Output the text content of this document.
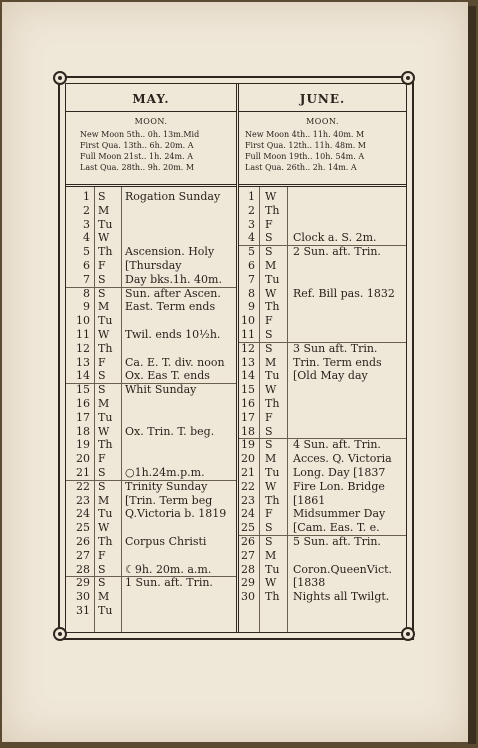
MAY.
MOON.
New Moon 5th.. 0h. 13m.Mid
First Qua. 13th.. 6h. 20m. A
Full Moon 21st.. 1h. 24m. A
Last Qua. 28th.. 9h. 20m. M
1 S	Rogation Sunday
2 M
3 Tu
4 W
5 Th	Ascension. Holy
6 F	[Thursday
7 S	Day bks.1h. 40m.
8 S	Sun. after Ascen.
9 M	East. Term ends
10 Tu
11 W	Twil. ends 10½h.
12 Th
13 F	Ca. E. T. div. noon
14 S	Ox. Eas T. ends
15 S	Whit Sunday
16 M
17 Tu
18 W	Ox. Trin. T. beg.
19 Th
20 F
21 S	○1h.24m.p.m.
22 S	Trinity Sunday
23 M	[Trin. Term beg
24 Tu	Q.Victoria b. 1819
25 W
26 Th	Corpus Christi
27 F
28 S	☾9h. 20m. a.m.
29 S	1 Sun. aft. Trin.
30 M
31 Tu
JUNE.
MOON.
New Moon 4th.. 11h. 40m. M
First Qua. 12th.. 11h. 48m. M
Full Moon 19th.. 10h. 54m. A
Last Qua. 26th.. 2h. 14m. A
1 W
2 Th
3 F
4 S	Clock a. S. 2m.
5 S	2 Sun. aft. Trin.
6 M
7 Tu
8 W	Ref. Bill pas. 1832
9 Th
10 F
11 S
12 S	3 Sun aft. Trin.
13 M	Trin. Term ends
14 Tu	[Old May day
15 W
16 Th
17 F
18 S
19 S	4 Sun. aft. Trin.
20 M	Acces. Q. Victoria
21 Tu	Long. Day [1837
22 W	Fire Lon. Bridge
23 Th	[1861
24 F	Midsummer Day
25 S	[Cam. Eas. T. e.
26 S	5 Sun. aft. Trin.
27 M
28 Tu	Coron.QueenVict.
29 W	[1838
30 Th	Nights all Twilgt.
